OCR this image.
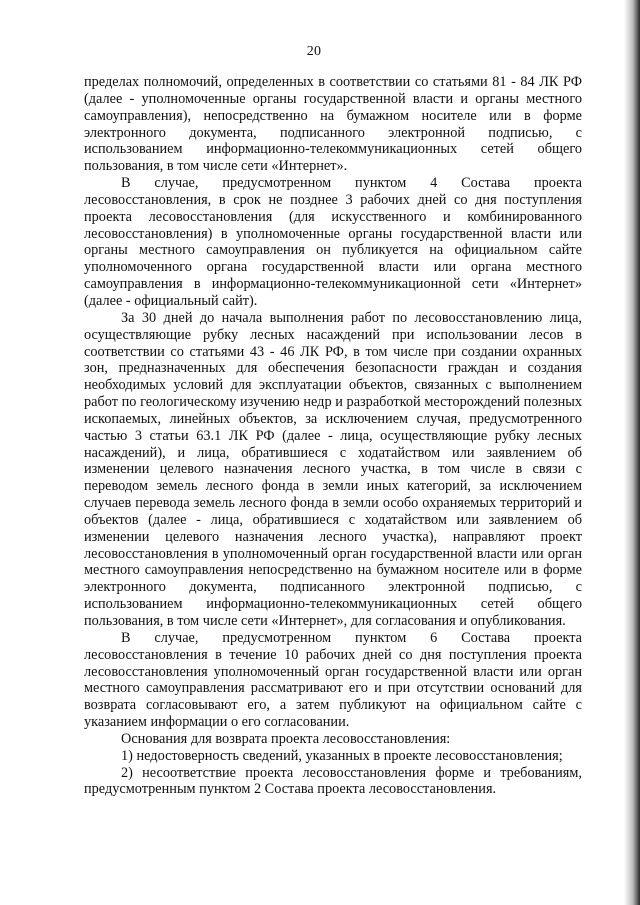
20

пределах полномочий, определенных в соответствии со статьями 81 - 84 ЛК РФ (далее - уполномоченные органы государственной власти и органы местного самоуправления), непосредственно на бумажном носителе или в форме электронного документа, подписанного электронной подписью, с использованием информационно-телекоммуникационных сетей общего пользования, в том числе сети «Интернет».

В случае, предусмотренном пунктом 4 Состава проекта лесовосстановления, в срок не позднее 3 рабочих дней со дня поступления проекта лесовосстановления (для искусственного и комбинированного лесовосстановления) в уполномоченные органы государственной власти или органы местного самоуправления он публикуется на официальном сайте уполномоченного органа государственной власти или органа местного самоуправления в информационно-телекоммуникационной сети «Интернет» (далее - официальный сайт).

За 30 дней до начала выполнения работ по лесовосстановлению лица, осуществляющие рубку лесных насаждений при использовании лесов в соответствии со статьями 43 - 46 ЛК РФ, в том числе при создании охранных зон, предназначенных для обеспечения безопасности граждан и создания необходимых условий для эксплуатации объектов, связанных с выполнением работ по геологическому изучению недр и разработкой месторождений полезных ископаемых, линейных объектов, за исключением случая, предусмотренного частью 3 статьи 63.1 ЛК РФ (далее - лица, осуществляющие рубку лесных насаждений), и лица, обратившиеся с ходатайством или заявлением об изменении целевого назначения лесного участка, в том числе в связи с переводом земель лесного фонда в земли иных категорий, за исключением случаев перевода земель лесного фонда в земли особо охраняемых территорий и объектов (далее - лица, обратившиеся с ходатайством или заявлением об изменении целевого назначения лесного участка), направляют проект лесовосстановления в уполномоченный орган государственной власти или орган местного самоуправления непосредственно на бумажном носителе или в форме электронного документа, подписанного электронной подписью, с использованием информационно-телекоммуникационных сетей общего пользования, в том числе сети «Интернет», для согласования и опубликования.

В случае, предусмотренном пунктом 6 Состава проекта лесовосстановления в течение 10 рабочих дней со дня поступления проекта лесовосстановления уполномоченный орган государственной власти или орган местного самоуправления рассматривают его и при отсутствии оснований для возврата согласовывают его, а затем публикуют на официальном сайте с указанием информации о его согласовании.

Основания для возврата проекта лесовосстановления:

1) недостоверность сведений, указанных в проекте лесовосстановления;

2) несоответствие проекта лесовосстановления форме и требованиям, предусмотренным пунктом 2 Состава проекта лесовосстановления.
